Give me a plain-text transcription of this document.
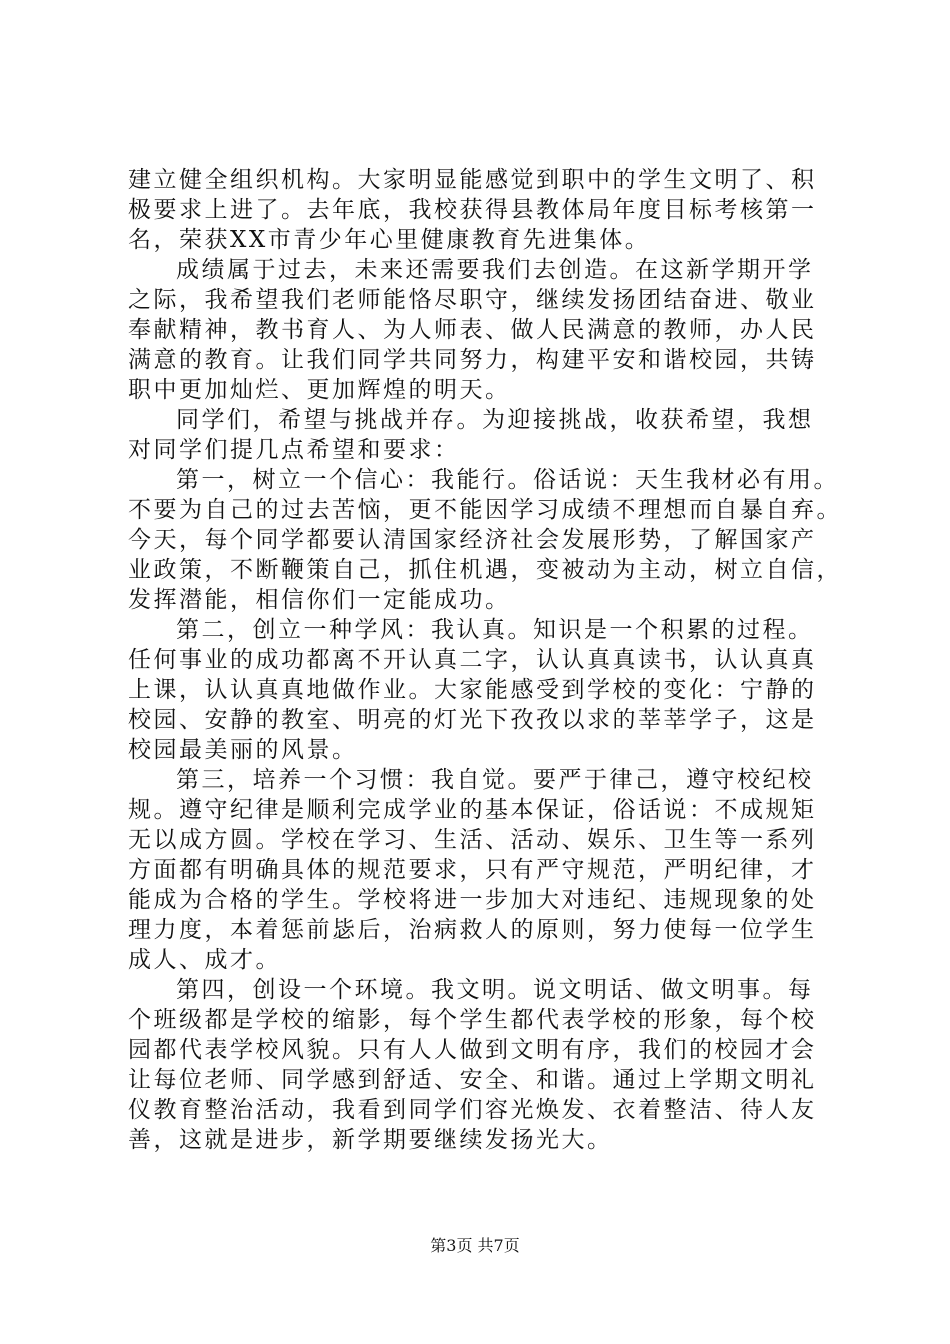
建立健全组织机构。大家明显能感觉到职中的学生文明了、积
极要求上进了。去年底，我校获得县教体局年度目标考核第一
名，荣获XX市青少年心里健康教育先进集体。
成绩属于过去，未来还需要我们去创造。在这新学期开学
之际，我希望我们老师能恪尽职守，继续发扬团结奋进、敬业
奉献精神，教书育人、为人师表、做人民满意的教师，办人民
满意的教育。让我们同学共同努力，构建平安和谐校园，共铸
职中更加灿烂、更加辉煌的明天。
同学们，希望与挑战并存。为迎接挑战，收获希望，我想
对同学们提几点希望和要求：
第一，树立一个信心：我能行。俗话说：天生我材必有用。
不要为自己的过去苦恼，更不能因学习成绩不理想而自暴自弃。
今天，每个同学都要认清国家经济社会发展形势，了解国家产
业政策，不断鞭策自己，抓住机遇，变被动为主动，树立自信，
发挥潜能，相信你们一定能成功。
第二，创立一种学风：我认真。知识是一个积累的过程。
任何事业的成功都离不开认真二字，认认真真读书，认认真真
上课，认认真真地做作业。大家能感受到学校的变化：宁静的
校园、安静的教室、明亮的灯光下孜孜以求的莘莘学子，这是
校园最美丽的风景。
第三，培养一个习惯：我自觉。要严于律己，遵守校纪校
规。遵守纪律是顺利完成学业的基本保证，俗话说：不成规矩
无以成方圆。学校在学习、生活、活动、娱乐、卫生等一系列
方面都有明确具体的规范要求，只有严守规范，严明纪律，才
能成为合格的学生。学校将进一步加大对违纪、违规现象的处
理力度，本着惩前毖后，治病救人的原则，努力使每一位学生
成人、成才。
第四，创设一个环境。我文明。说文明话、做文明事。每
个班级都是学校的缩影，每个学生都代表学校的形象，每个校
园都代表学校风貌。只有人人做到文明有序，我们的校园才会
让每位老师、同学感到舒适、安全、和谐。通过上学期文明礼
仪教育整治活动，我看到同学们容光焕发、衣着整洁、待人友
善，这就是进步，新学期要继续发扬光大。
第3页 共7页
